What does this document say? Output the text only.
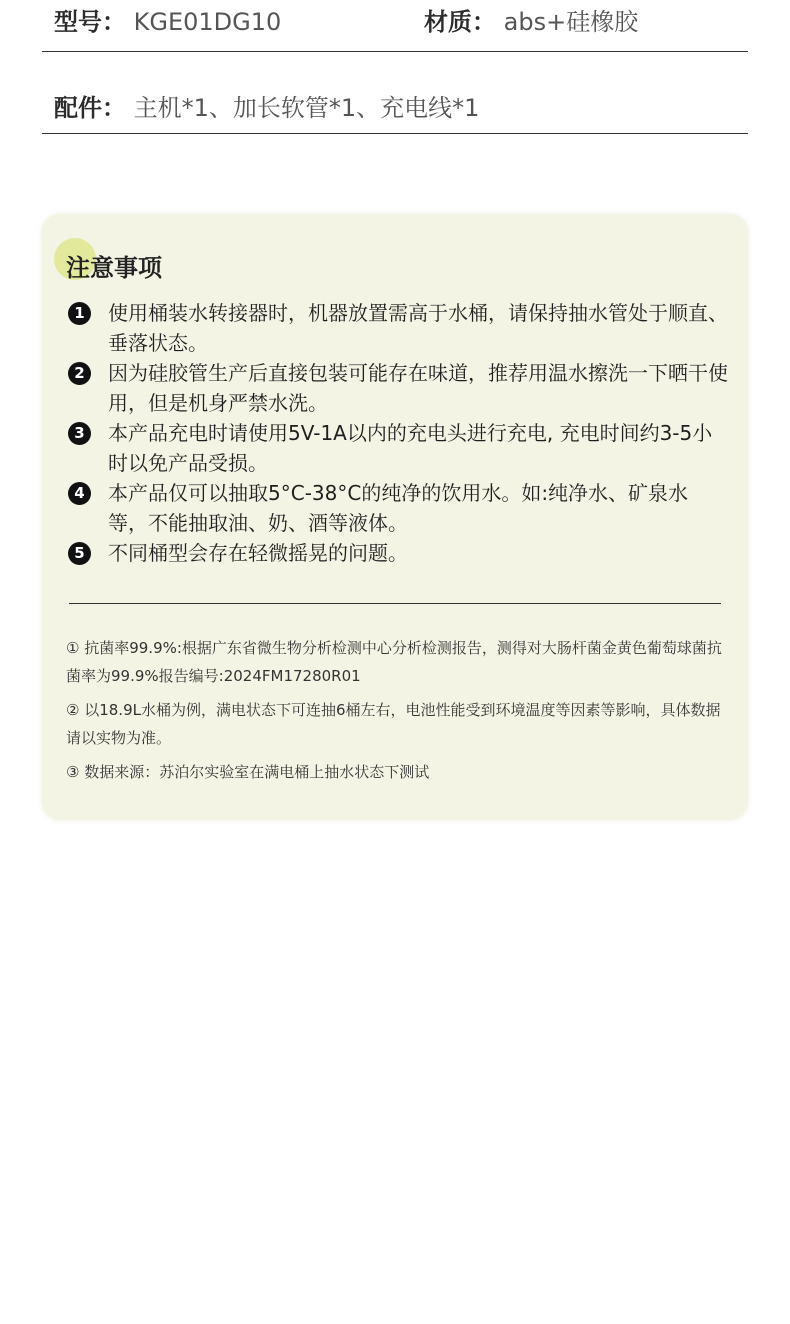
型号： KGE01DG10	材质： abs+硅橡胶
配件： 主机*1、加长软管*1、充电线*1
注意事项
1	使用桶装水转接器时，机器放置需高于水桶，请保持抽水管处于顺直、垂落状态。
2	因为硅胶管生产后直接包装可能存在味道，推荐用温水擦洗一下晒干使用，但是机身严禁水洗。
3	本产品充电时请使用5V-1A以内的充电头进行充电, 充电时间约3-5小时以免产品受损。
4	本产品仅可以抽取5°C-38°C的纯净的饮用水。如:纯净水、矿泉水等，不能抽取油、奶、酒等液体。
5	不同桶型会存在轻微摇晃的问题。
① 抗菌率99.9%:根据广东省微生物分析检测中心分析检测报告，测得对大肠杆菌金黄色葡萄球菌抗菌率为99.9%报告编号:2024FM17280R01
② 以18.9L水桶为例，满电状态下可连抽6桶左右，电池性能受到环境温度等因素等影响，具体数据请以实物为准。
③ 数据来源：苏泊尔实验室在满电桶上抽水状态下测试
